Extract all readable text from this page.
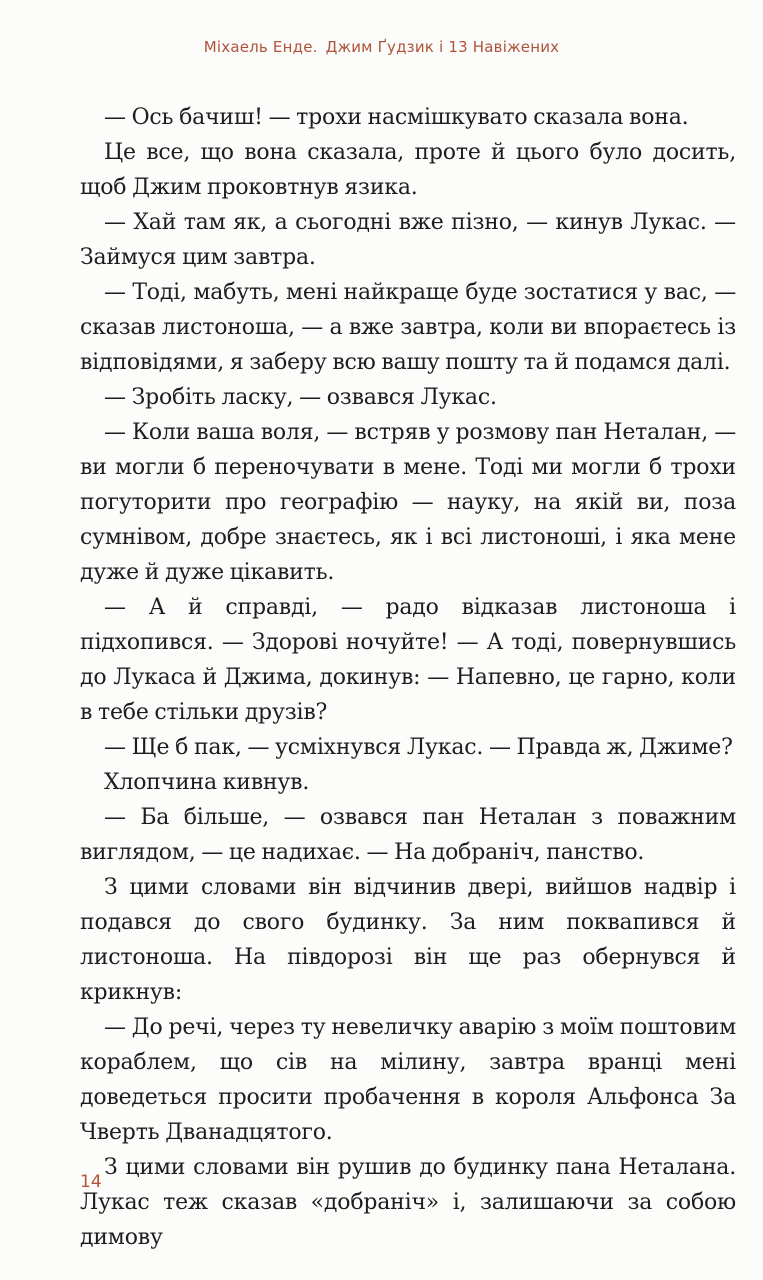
Міхаель Енде. Джим Ґудзик і 13 Навіжених

— Ось бачиш! — трохи насмішкувато сказала вона.

Це все, що вона сказала, проте й цього було досить, щоб Джим проковтнув язика.

— Хай там як, а сьогодні вже пізно, — кинув Лукас. — Займуся цим завтра.

— Тоді, мабуть, мені найкраще буде зостатися у вас, — сказав листоноша, — а вже завтра, коли ви впораєтесь із відповідями, я заберу всю вашу пошту та й подамся далі.

— Зробіть ласку, — озвався Лукас.

— Коли ваша воля, — встряв у розмову пан Неталан, — ви могли б переночувати в мене. Тоді ми могли б трохи погуторити про географію — науку, на якій ви, поза сумнівом, добре знаєтесь, як і всі листоноші, і яка мене дуже й дуже цікавить.

— А й справді, — радо відказав листоноша і підхопився. — Здорові ночуйте! — А тоді, повернувшись до Лукаса й Джима, докинув: — Напевно, це гарно, коли в тебе стільки друзів?

— Ще б пак, — усміхнувся Лукас. — Правда ж, Джиме?

Хлопчина кивнув.

— Ба більше, — озвався пан Неталан з поважним виглядом, — це надихає. — На добраніч, панство.

З цими словами він відчинив двері, вийшов надвір і подався до свого будинку. За ним поквапився й листоноша. На півдорозі він ще раз обернувся й крикнув:

— До речі, через ту невеличку аварію з моїм поштовим кораблем, що сів на мілину, завтра вранці мені доведеться просити пробачення в короля Альфонса За Чверть Дванадцятого.

З цими словами він рушив до будинку пана Неталана. Лукас теж сказав «добраніч» і, залишаючи за собою димову

14
